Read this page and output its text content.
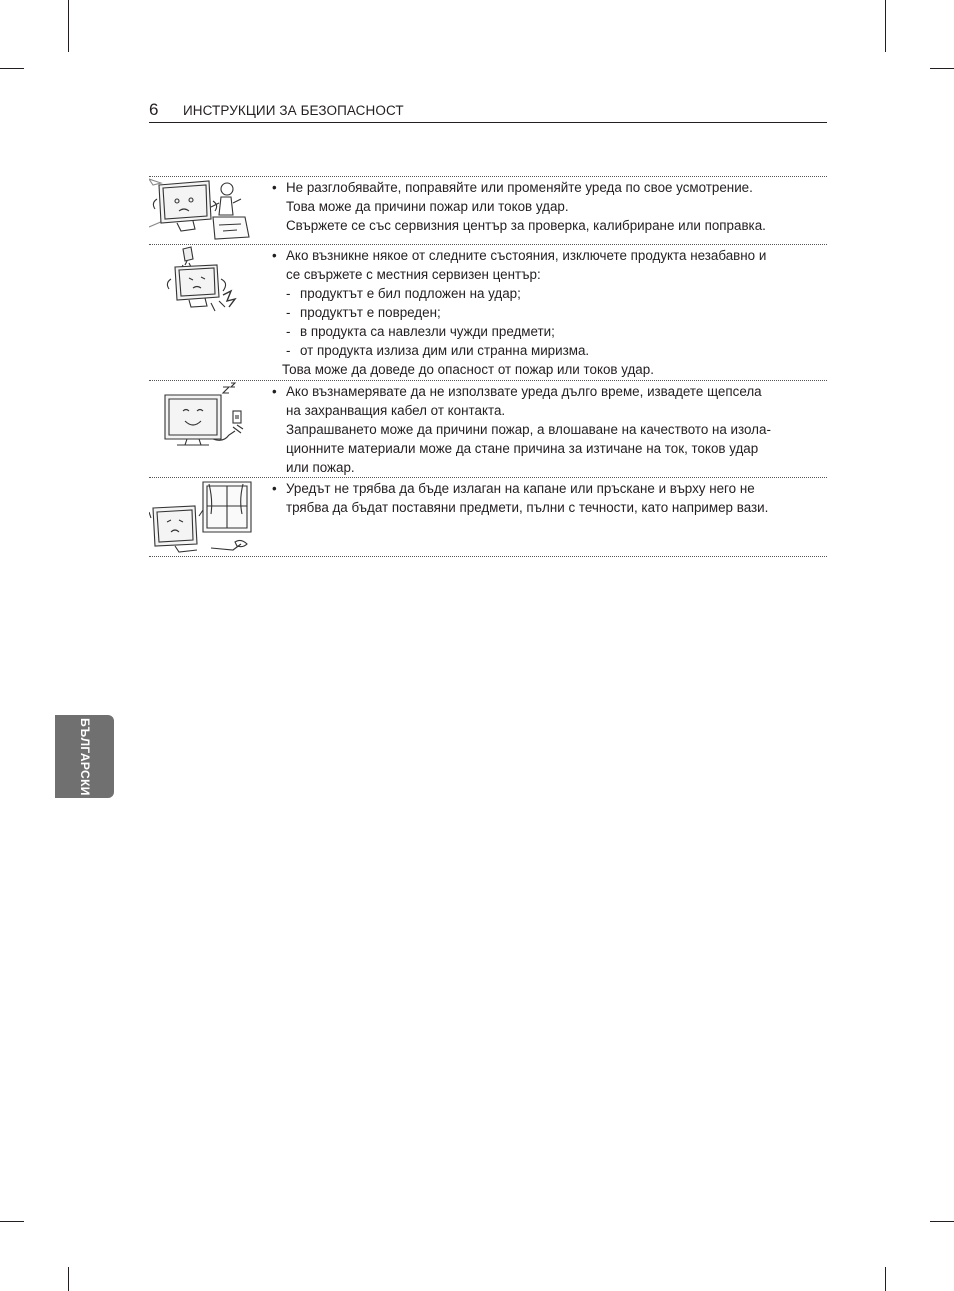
6 ИНСТРУКЦИИ ЗА БЕЗОПАСНОСТ
• Не разглобявайте, поправяйте или променяйте уреда по свое усмотрение.
Това може да причини пожар или токов удар.
Свържете се със сервизния център за проверка, калибриране или поправка.
• Ако възникне някое от следните състояния, изключете продукта незабавно и
се свържете с местния сервизен център:
- продуктът е бил подложен на удар;
- продуктът е повреден;
- в продукта са навлезли чужди предмети;
- от продукта излиза дим или странна миризма.
Това може да доведе до опасност от пожар или токов удар.
• Ако възнамерявате да не използвате уреда дълго време, извадете щепсела
на захранващия кабел от контакта.
Запрашването може да причини пожар, а влошаване на качеството на изола-
ционните материали може да стане причина за изтичане на ток, токов удар
или пожар.
• Уредът не трябва да бъде излаган на капане или пръскане и върху него не
трябва да бъдат поставяни предмети, пълни с течности, като например вази.
БЪЛГАРСКИ
